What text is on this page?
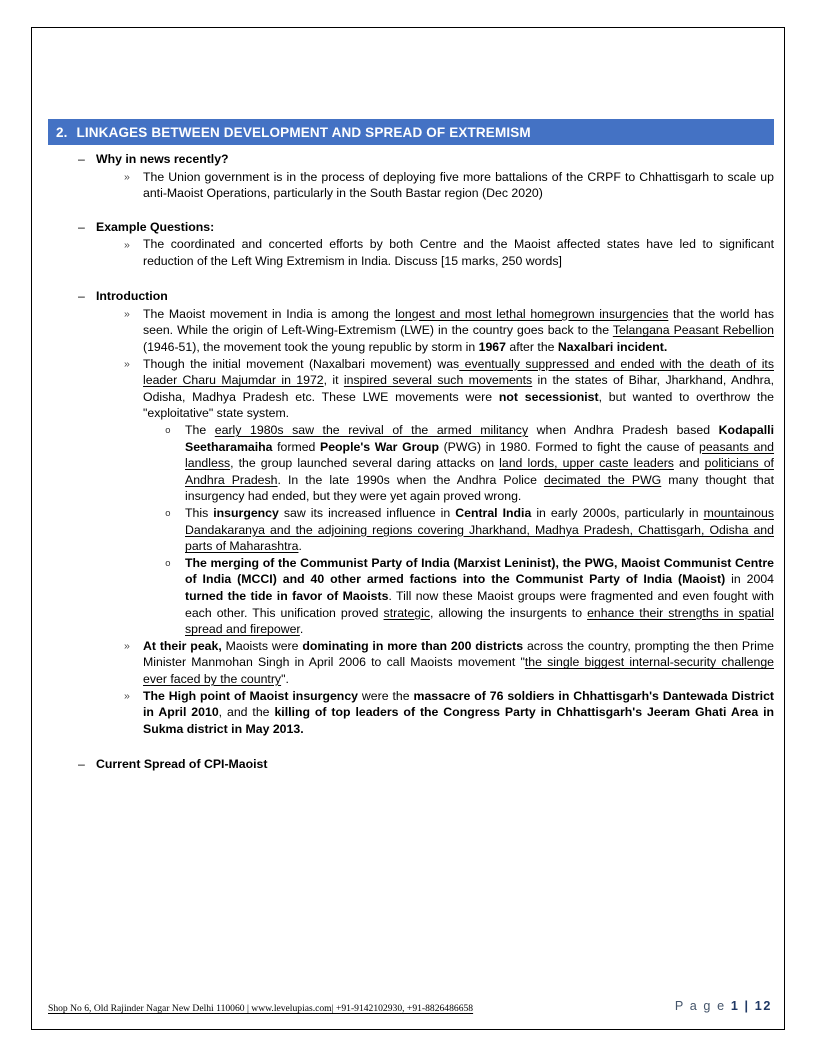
2. LINKAGES BETWEEN DEVELOPMENT AND SPREAD OF EXTREMISM
– Why in news recently?
» The Union government is in the process of deploying five more battalions of the CRPF to Chhattisgarh to scale up anti-Maoist Operations, particularly in the South Bastar region (Dec 2020)
– Example Questions:
» The coordinated and concerted efforts by both Centre and the Maoist affected states have led to significant reduction of the Left Wing Extremism in India. Discuss [15 marks, 250 words]
– Introduction
» The Maoist movement in India is among the longest and most lethal homegrown insurgencies that the world has seen. While the origin of Left-Wing-Extremism (LWE) in the country goes back to the Telangana Peasant Rebellion (1946-51), the movement took the young republic by storm in 1967 after the Naxalbari incident.
» Though the initial movement (Naxalbari movement) was eventually suppressed and ended with the death of its leader Charu Majumdar in 1972, it inspired several such movements in the states of Bihar, Jharkhand, Andhra, Odisha, Madhya Pradesh etc. These LWE movements were not secessionist, but wanted to overthrow the "exploitative" state system.
o The early 1980s saw the revival of the armed militancy when Andhra Pradesh based Kodapalli Seetharamaiha formed People's War Group (PWG) in 1980. Formed to fight the cause of peasants and landless, the group launched several daring attacks on land lords, upper caste leaders and politicians of Andhra Pradesh. In the late 1990s when the Andhra Police decimated the PWG many thought that insurgency had ended, but they were yet again proved wrong.
o This insurgency saw its increased influence in Central India in early 2000s, particularly in mountainous Dandakaranya and the adjoining regions covering Jharkhand, Madhya Pradesh, Chattisgarh, Odisha and parts of Maharashtra.
o The merging of the Communist Party of India (Marxist Leninist), the PWG, Maoist Communist Centre of India (MCCI) and 40 other armed factions into the Communist Party of India (Maoist) in 2004 turned the tide in favor of Maoists. Till now these Maoist groups were fragmented and even fought with each other. This unification proved strategic, allowing the insurgents to enhance their strengths in spatial spread and firepower.
» At their peak, Maoists were dominating in more than 200 districts across the country, prompting the then Prime Minister Manmohan Singh in April 2006 to call Maoists movement "the single biggest internal-security challenge ever faced by the country".
» The High point of Maoist insurgency were the massacre of 76 soldiers in Chhattisgarh's Dantewada District in April 2010, and the killing of top leaders of the Congress Party in Chhattisgarh's Jeeram Ghati Area in Sukma district in May 2013.
– Current Spread of CPI-Maoist
Shop No 6, Old Rajinder Nagar New Delhi 110060 | www.levelupias.com| +91-9142102930, +91-8826486658	P a g e 1 | 12
